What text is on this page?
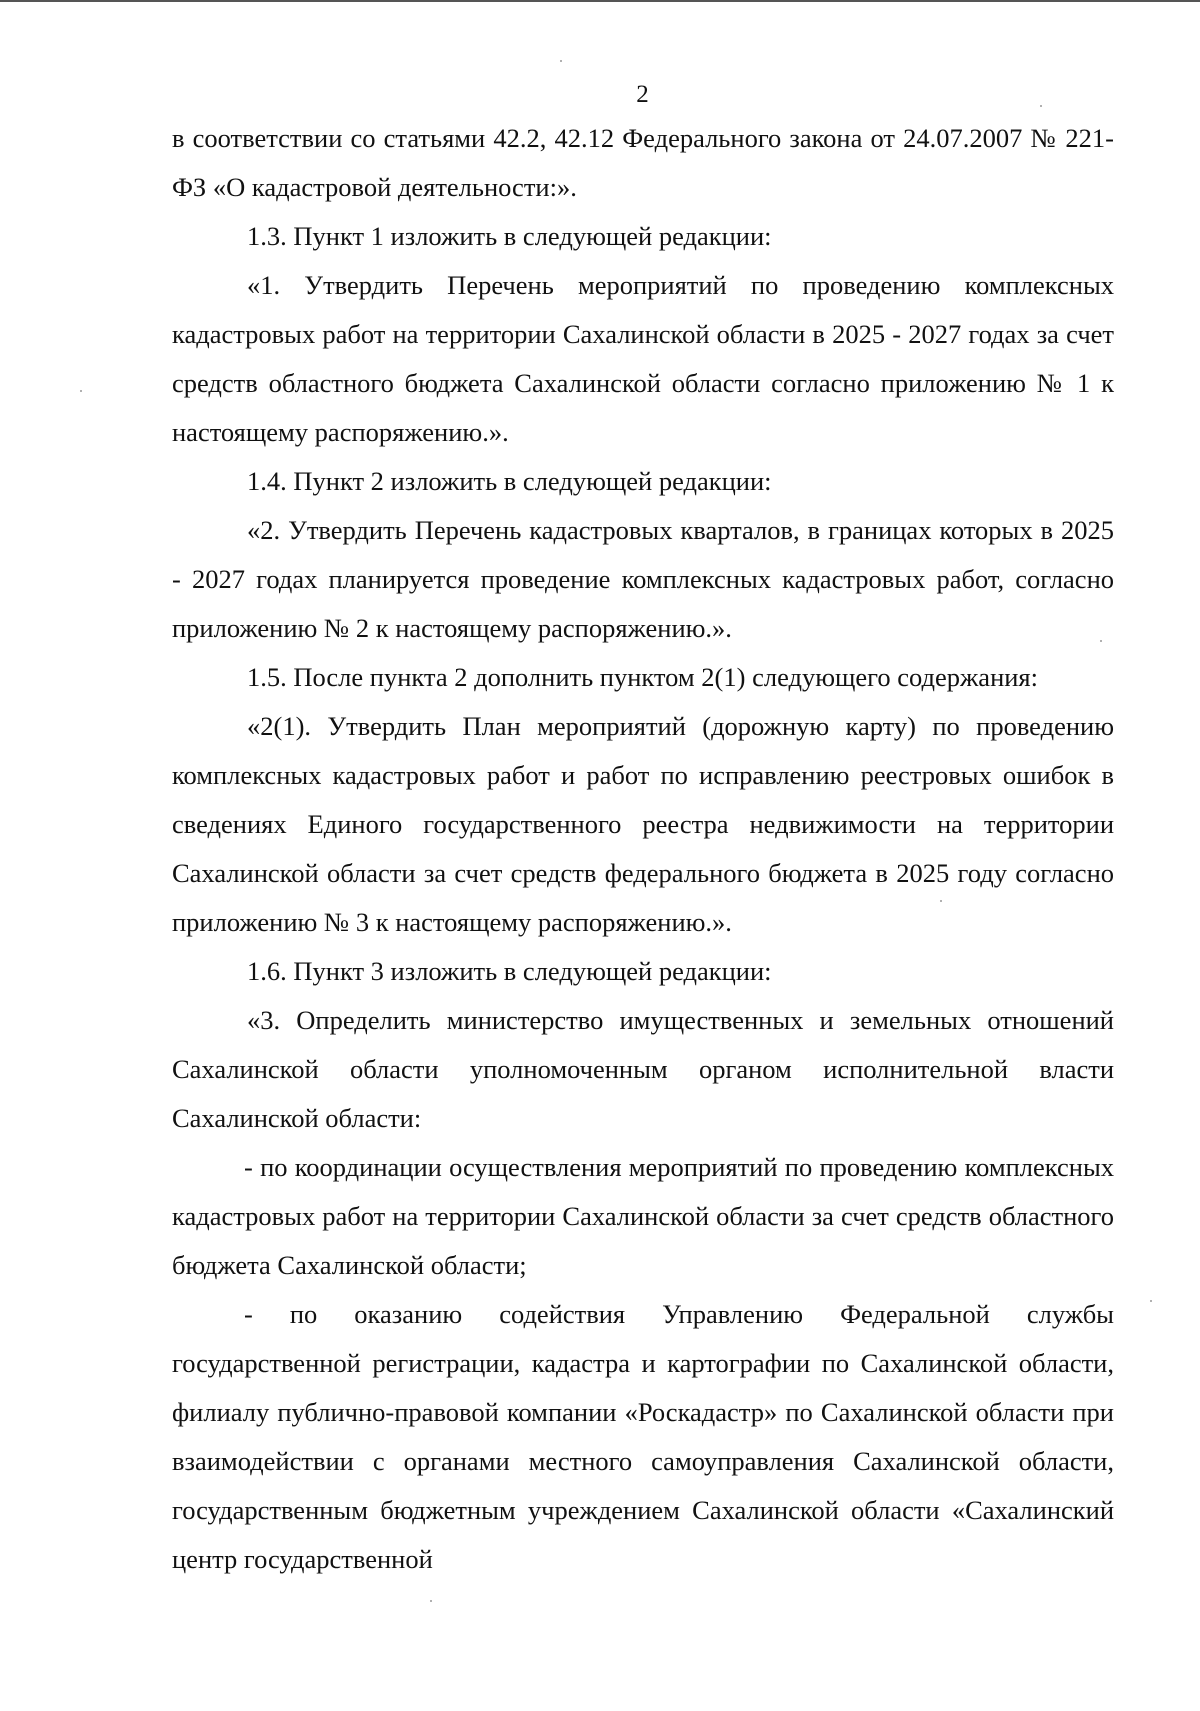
2

в соответствии со статьями 42.2, 42.12 Федерального закона от 24.07.2007 № 221-ФЗ «О кадастровой деятельности:».

1.3. Пункт 1 изложить в следующей редакции:

«1. Утвердить Перечень мероприятий по проведению комплексных кадастровых работ на территории Сахалинской области в 2025 - 2027 годах за счет средств областного бюджета Сахалинской области согласно приложению № 1 к настоящему распоряжению.».

1.4. Пункт 2 изложить в следующей редакции:

«2. Утвердить Перечень кадастровых кварталов, в границах которых в 2025 - 2027 годах планируется проведение комплексных кадастровых работ, согласно приложению № 2 к настоящему распоряжению.».

1.5. После пункта 2 дополнить пунктом 2(1) следующего содержания:

«2(1). Утвердить План мероприятий (дорожную карту) по проведению комплексных кадастровых работ и работ по исправлению реестровых ошибок в сведениях Единого государственного реестра недвижимости на территории Сахалинской области за счет средств федерального бюджета в 2025 году согласно приложению № 3 к настоящему распоряжению.».

1.6. Пункт 3 изложить в следующей редакции:

«3. Определить министерство имущественных и земельных отношений Сахалинской области уполномоченным органом исполнительной власти Сахалинской области:

- по координации осуществления мероприятий по проведению комплексных кадастровых работ на территории Сахалинской области за счет средств областного бюджета Сахалинской области;

- по оказанию содействия Управлению Федеральной службы государственной регистрации, кадастра и картографии по Сахалинской области, филиалу публично-правовой компании «Роскадастр» по Сахалинской области при взаимодействии с органами местного самоуправления Сахалинской области, государственным бюджетным учреждением Сахалинской области «Сахалинский центр государственной
